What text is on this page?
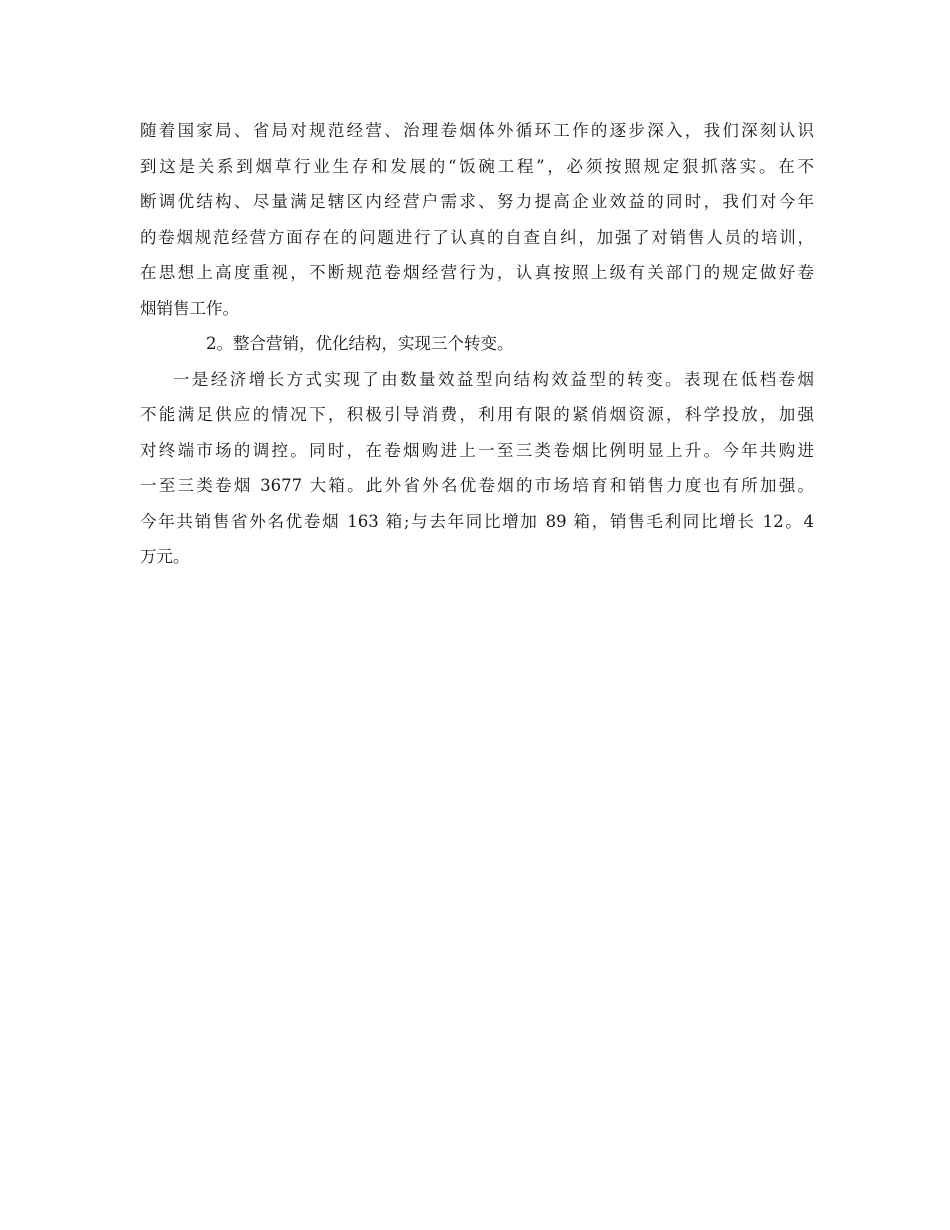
随着国家局、省局对规范经营、治理卷烟体外循环工作的逐步深入，我们深刻认识
到这是关系到烟草行业生存和发展的“饭碗工程”，必须按照规定狠抓落实。在不
断调优结构、尽量满足辖区内经营户需求、努力提高企业效益的同时，我们对今年
的卷烟规范经营方面存在的问题进行了认真的自查自纠，加强了对销售人员的培训，
在思想上高度重视，不断规范卷烟经营行为，认真按照上级有关部门的规定做好卷
烟销售工作。
2。整合营销，优化结构，实现三个转变。
一是经济增长方式实现了由数量效益型向结构效益型的转变。表现在低档卷烟
不能满足供应的情况下，积极引导消费，利用有限的紧俏烟资源，科学投放，加强
对终端市场的调控。同时，在卷烟购进上一至三类卷烟比例明显上升。今年共购进
一至三类卷烟 3677 大箱。此外省外名优卷烟的市场培育和销售力度也有所加强。
今年共销售省外名优卷烟 163 箱;与去年同比增加 89 箱，销售毛利同比增长 12。4
万元。
